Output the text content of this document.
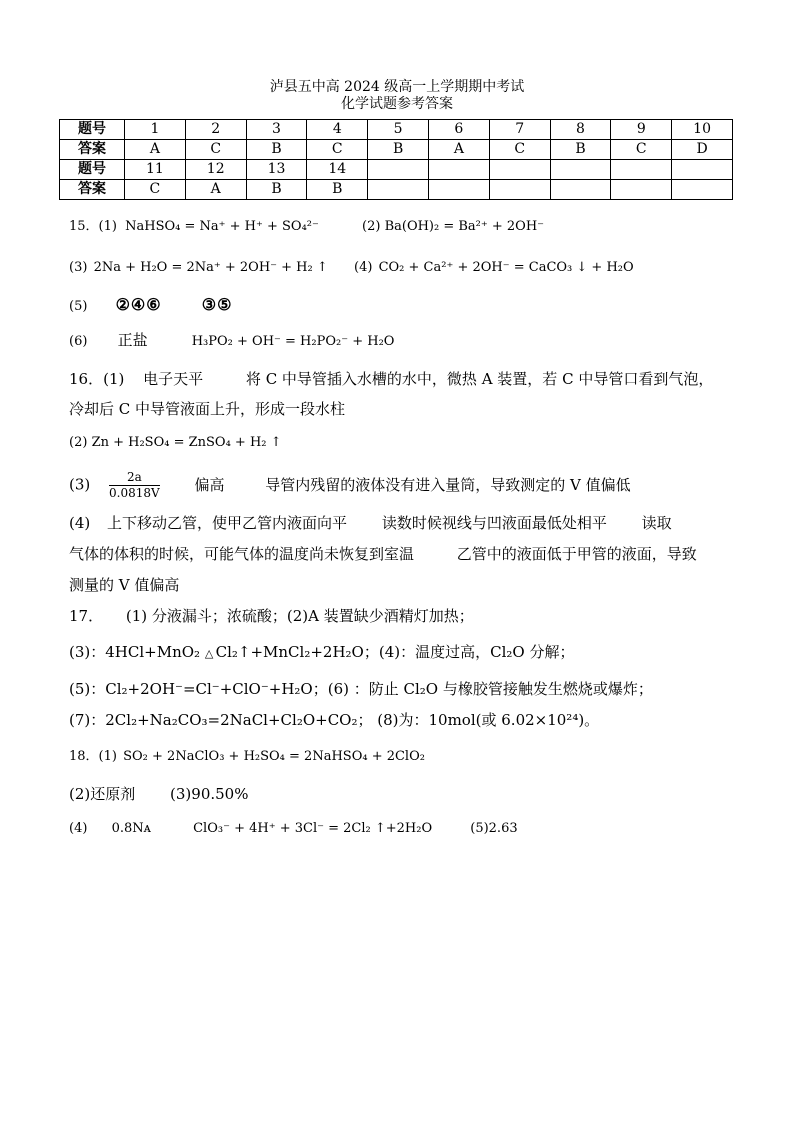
泸县五中高 2024 级高一上学期期中考试
化学试题参考答案
题号	1	2	3	4	5	6	7	8	9	10
答案	A	C	B	C	B	A	C	B	C	D
题号	11	12	13	14						
答案	C	A	B	B						
15．(1) NaHSO₄ = Na⁺ + H⁺ + SO₄²⁻	(2) Ba(OH)₂ = Ba²⁺ + 2OH⁻
(3) 2Na + H₂O = 2Na⁺ + 2OH⁻ + H₂ ↑ (4) CO₂ + Ca²⁺ + 2OH⁻ = CaCO₃ ↓ + H₂O
(5) ②④⑥	③⑤
(6) 正盐	H₃PO₂ + OH⁻ = H₂PO₂⁻ + H₂O
16．(1) 电子天平	将 C 中导管插入水槽的水中，微热 A 装置，若 C 中导管口看到气泡，
冷却后 C 中导管液面上升，形成一段水柱
(2) Zn + H₂SO₄ = ZnSO₄ + H₂ ↑
$(3) \frac{2a}{0.0818V}$ 偏高	导管内残留的液体没有进入量筒，导致测定的 V 值偏低
(4) 上下移动乙管，使甲乙管内液面向平 读数时候视线与凹液面最低处相平 读取
气体的体积的时候，可能气体的温度尚未恢复到室温	乙管中的液面低于甲管的液面，导致
测量的 V 值偏高
17． (1) 分液漏斗；浓硫酸；(2)A 装置缺少酒精灯加热；
(3)：4HCl+MnO₂ △ Cl₂↑+MnCl₂+2H₂O；(4)：温度过高，Cl₂O 分解；
(5)：Cl₂+2OH⁻=Cl⁻+ClO⁻+H₂O；(6) ：防止 Cl₂O 与橡胶管接触发生燃烧或爆炸；
(7)：2Cl₂+Na₂CO₃=2NaCl+Cl₂O+CO₂； (8)为：10mol(或 6.02×10²⁴)。
18．(1) SO₂ + 2NaClO₃ + H₂SO₄ = 2NaHSO₄ + 2ClO₂
(2)还原剂 (3)90.50%
(4) 0.8Nᴀ	ClO₃⁻ + 4H⁺ + 3Cl⁻ = 2Cl₂ ↑+2H₂O	(5)2.63
